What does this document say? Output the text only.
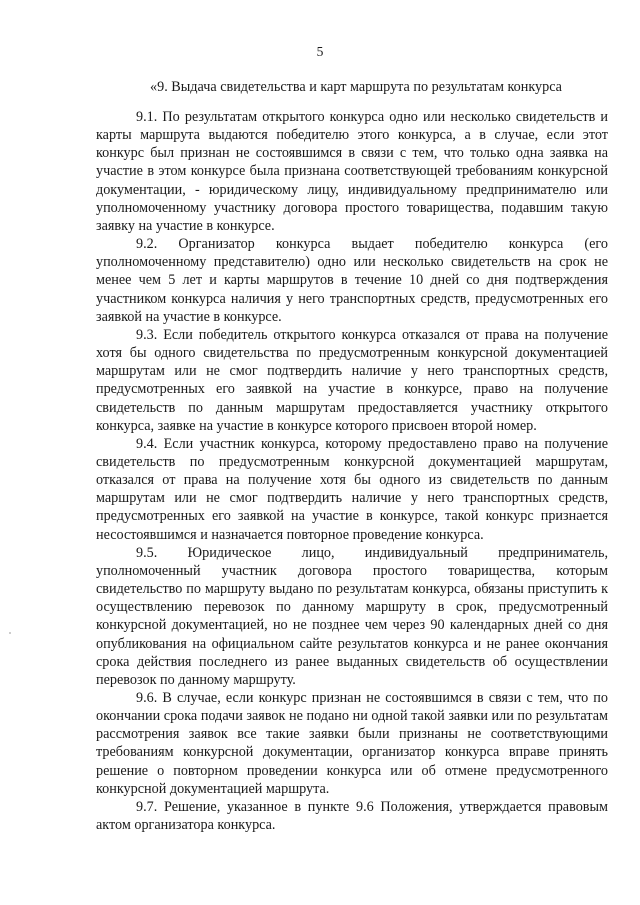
5
«9. Выдача свидетельства и карт маршрута по результатам конкурса

9.1. По результатам открытого конкурса одно или несколько свидетельств и карты маршрута выдаются победителю этого конкурса, а в случае, если этот конкурс был признан не состоявшимся в связи с тем, что только одна заявка на участие в этом конкурсе была признана соответствующей требованиям конкурсной документации, - юридическому лицу, индивидуальному предпринимателю или уполномоченному участнику договора простого товарищества, подавшим такую заявку на участие в конкурсе.

9.2. Организатор конкурса выдает победителю конкурса (его уполномоченному представителю) одно или несколько свидетельств на срок не менее чем 5 лет и карты маршрутов в течение 10 дней со дня подтверждения участником конкурса наличия у него транспортных средств, предусмотренных его заявкой на участие в конкурсе.

9.3. Если победитель открытого конкурса отказался от права на получение хотя бы одного свидетельства по предусмотренным конкурсной документацией маршрутам или не смог подтвердить наличие у него транспортных средств, предусмотренных его заявкой на участие в конкурсе, право на получение свидетельств по данным маршрутам предоставляется участнику открытого конкурса, заявке на участие в конкурсе которого присвоен второй номер.

9.4. Если участник конкурса, которому предоставлено право на получение свидетельств по предусмотренным конкурсной документацией маршрутам, отказался от права на получение хотя бы одного из свидетельств по данным маршрутам или не смог подтвердить наличие у него транспортных средств, предусмотренных его заявкой на участие в конкурсе, такой конкурс признается несостоявшимся и назначается повторное проведение конкурса.

9.5. Юридическое лицо, индивидуальный предприниматель, уполномоченный участник договора простого товарищества, которым свидетельство по маршруту выдано по результатам конкурса, обязаны приступить к осуществлению перевозок по данному маршруту в срок, предусмотренный конкурсной документацией, но не позднее чем через 90 календарных дней со дня опубликования на официальном сайте результатов конкурса и не ранее окончания срока действия последнего из ранее выданных свидетельств об осуществлении перевозок по данному маршруту.

9.6. В случае, если конкурс признан не состоявшимся в связи с тем, что по окончании срока подачи заявок не подано ни одной такой заявки или по результатам рассмотрения заявок все такие заявки были признаны не соответствующими требованиям конкурсной документации, организатор конкурса вправе принять решение о повторном проведении конкурса или об отмене предусмотренного конкурсной документацией маршрута.

9.7. Решение, указанное в пункте 9.6 Положения, утверждается правовым актом организатора конкурса.
